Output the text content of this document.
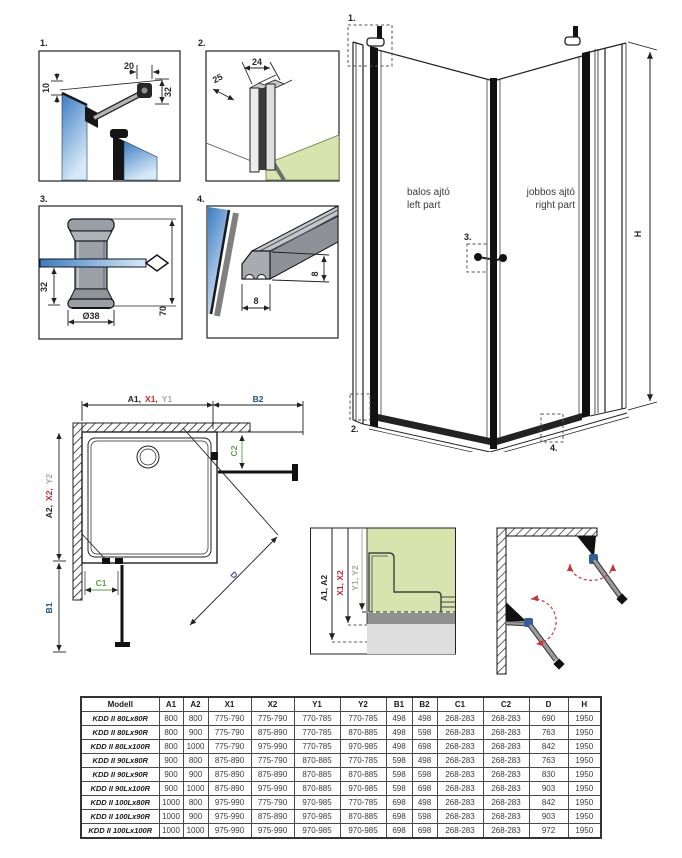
1.
20
10	32
2.
24
25
3.
32
Ø38	70
4.
8
8
1.
3.
2.
4.
balos ajtó
left part
jobbos ajtó
right part
H
A1, X1, Y1	B2
A2,X2,Y2
B1
C1
C2
D
A1, A2 X1, X2 Y1, Y2
Modell	A1	A2	X1	X2	Y1	Y2	B1	B2	C1	C2	D	H
KDD II 80Lx80R	800	800	775-790	775-790	770-785	770-785	498	498	268-283	268-283	690	1950
KDD II 80Lx90R	800	900	775-790	875-890	770-785	870-885	498	598	268-283	268-283	763	1950
KDD II 80Lx100R	800	1000	775-790	975-990	770-785	970-985	498	698	268-283	268-283	842	1950
KDD II 90Lx80R	900	800	875-890	775-790	870-885	770-785	598	498	268-283	268-283	763	1950
KDD II 90Lx90R	900	900	875-890	875-890	870-885	870-885	598	598	268-283	268-283	830	1950
KDD II 90Lx100R	900	1000	875-890	975-990	870-885	970-985	598	698	268-283	268-283	903	1950
KDD II 100Lx80R	1000	800	975-990	775-790	970-985	770-785	698	498	268-283	268-283	842	1950
KDD II 100Lx90R	1000	900	975-990	875-890	970-985	870-885	698	598	268-283	268-283	903	1950
KDD II 100Lx100R	1000	1000	975-990	975-990	970-985	970-985	698	698	268-283	268-283	972	1950
